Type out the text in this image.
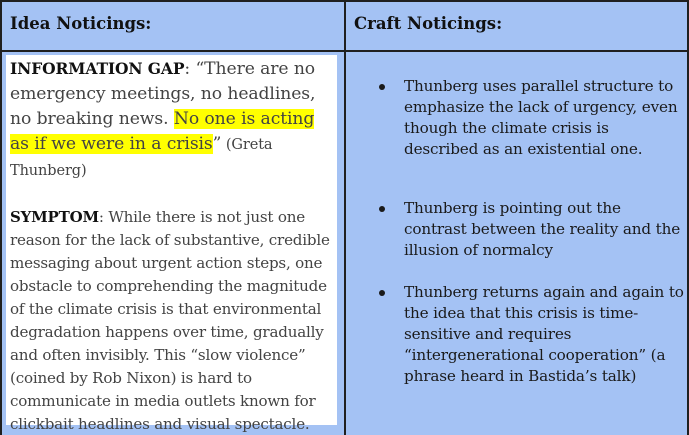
Idea Noticings:	Craft Noticings:

INFORMATION GAP: “There are no emergency meetings, no headlines, no breaking news. No one is acting as if we were in a crisis” (Greta Thunberg)

SYMPTOM: While there is not just one reason for the lack of substantive, credible messaging about urgent action steps, one obstacle to comprehending the magnitude of the climate crisis is that environmental degradation happens over time, gradually and often invisibly. This “slow violence” (coined by Rob Nixon) is hard to communicate in media outlets known for clickbait headlines and visual spectacle.

Thunberg uses parallel structure to emphasize the lack of urgency, even though the climate crisis is described as an existential one.
Thunberg is pointing out the contrast between the reality and the illusion of normalcy
Thunberg returns again and again to the idea that this crisis is time-sensitive and requires “intergenerational cooperation” (a phrase heard in Bastida’s talk)
